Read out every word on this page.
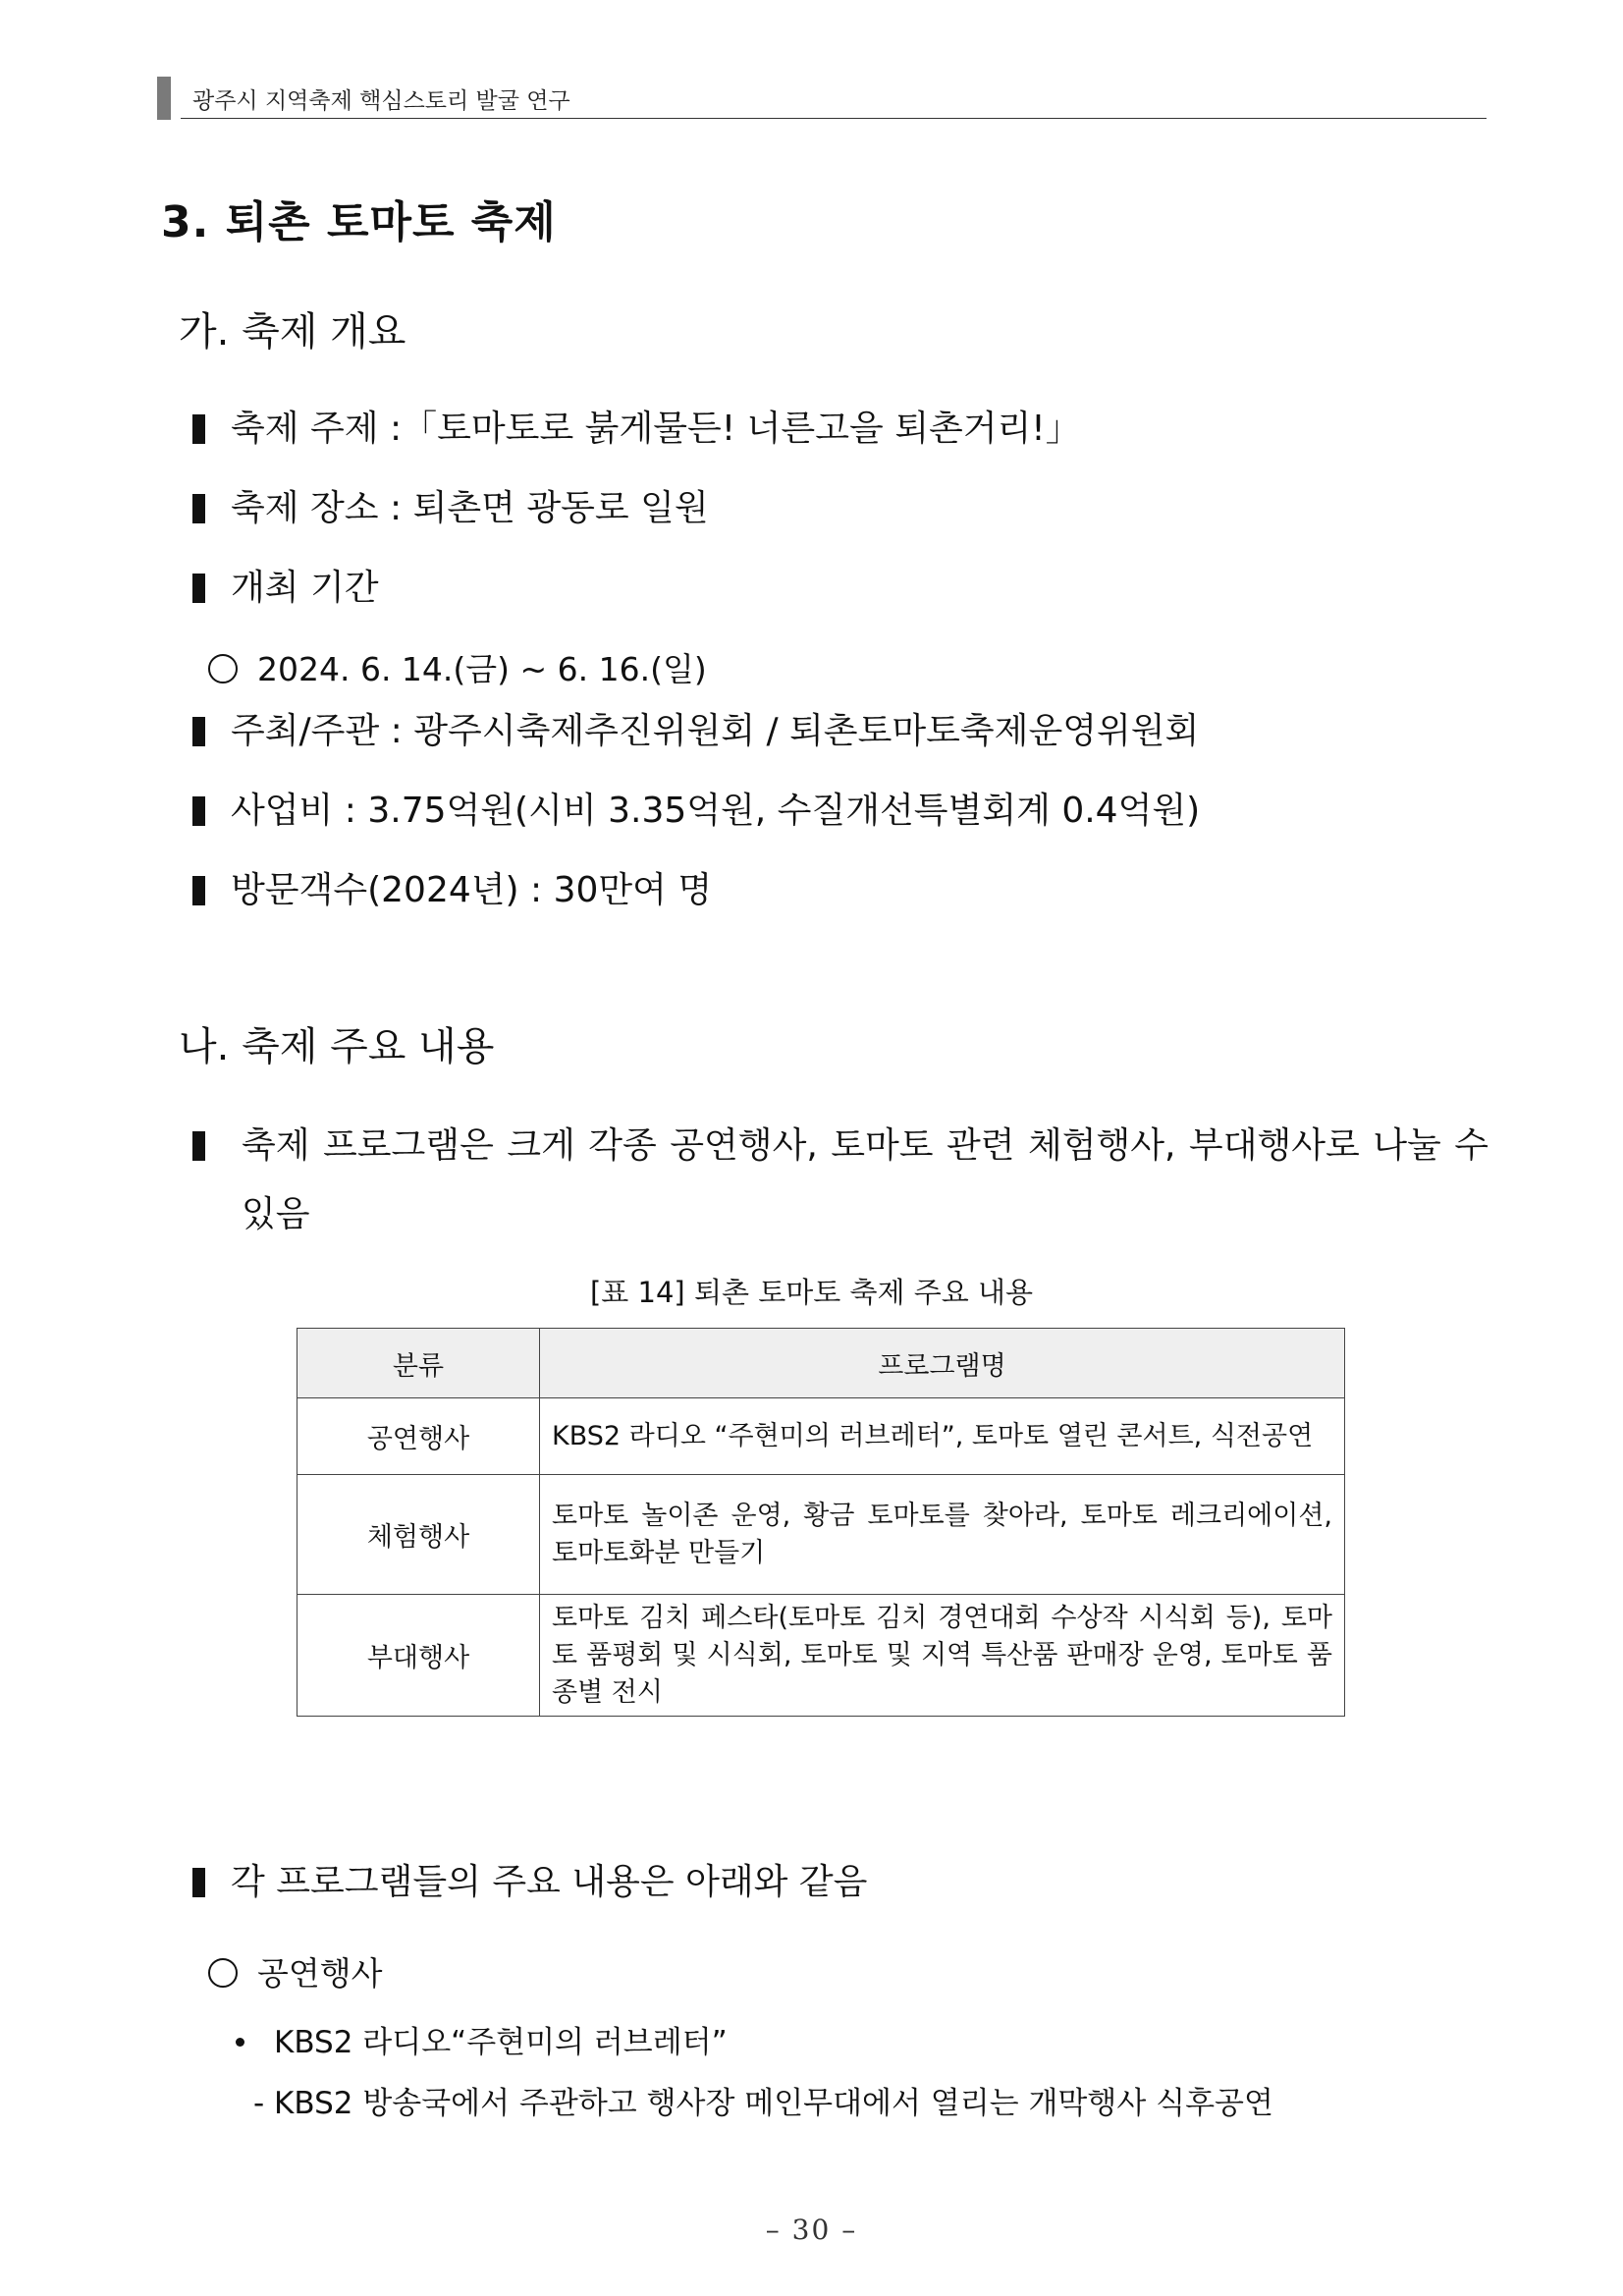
광주시 지역축제 핵심스토리 발굴 연구
3. 퇴촌 토마토 축제
가. 축제 개요
축제 주제 :「토마토로 붉게물든! 너른고을 퇴촌거리!」
축제 장소 : 퇴촌면 광동로 일원
개최 기간
2024. 6. 14.(금) ~ 6. 16.(일)
주최/주관 : 광주시축제추진위원회 / 퇴촌토마토축제운영위원회
사업비 : 3.75억원(시비 3.35억원, 수질개선특별회계 0.4억원)
방문객수(2024년) : 30만여 명
나. 축제 주요 내용
축제 프로그램은 크게 각종 공연행사, 토마토 관련 체험행사, 부대행사로 나눌 수
있음
[표 14] 퇴촌 토마토 축제 주요 내용
분류	프로그램명
공연행사	KBS2 라디오 “주현미의 러브레터”, 토마토 열린 콘서트, 식전공연
체험행사	토마토 놀이존 운영, 황금 토마토를 찾아라, 토마토 레크리에이션, 토마토화분 만들기
부대행사	토마토 김치 페스타(토마토 김치 경연대회 수상작 시식회 등), 토마토 품평회 및 시식회, 토마토 및 지역 특산품 판매장 운영, 토마토 품종별 전시
각 프로그램들의 주요 내용은 아래와 같음
공연행사
KBS2 라디오“주현미의 러브레터”
- KBS2 방송국에서 주관하고 행사장 메인무대에서 열리는 개막행사 식후공연
– 30 –
